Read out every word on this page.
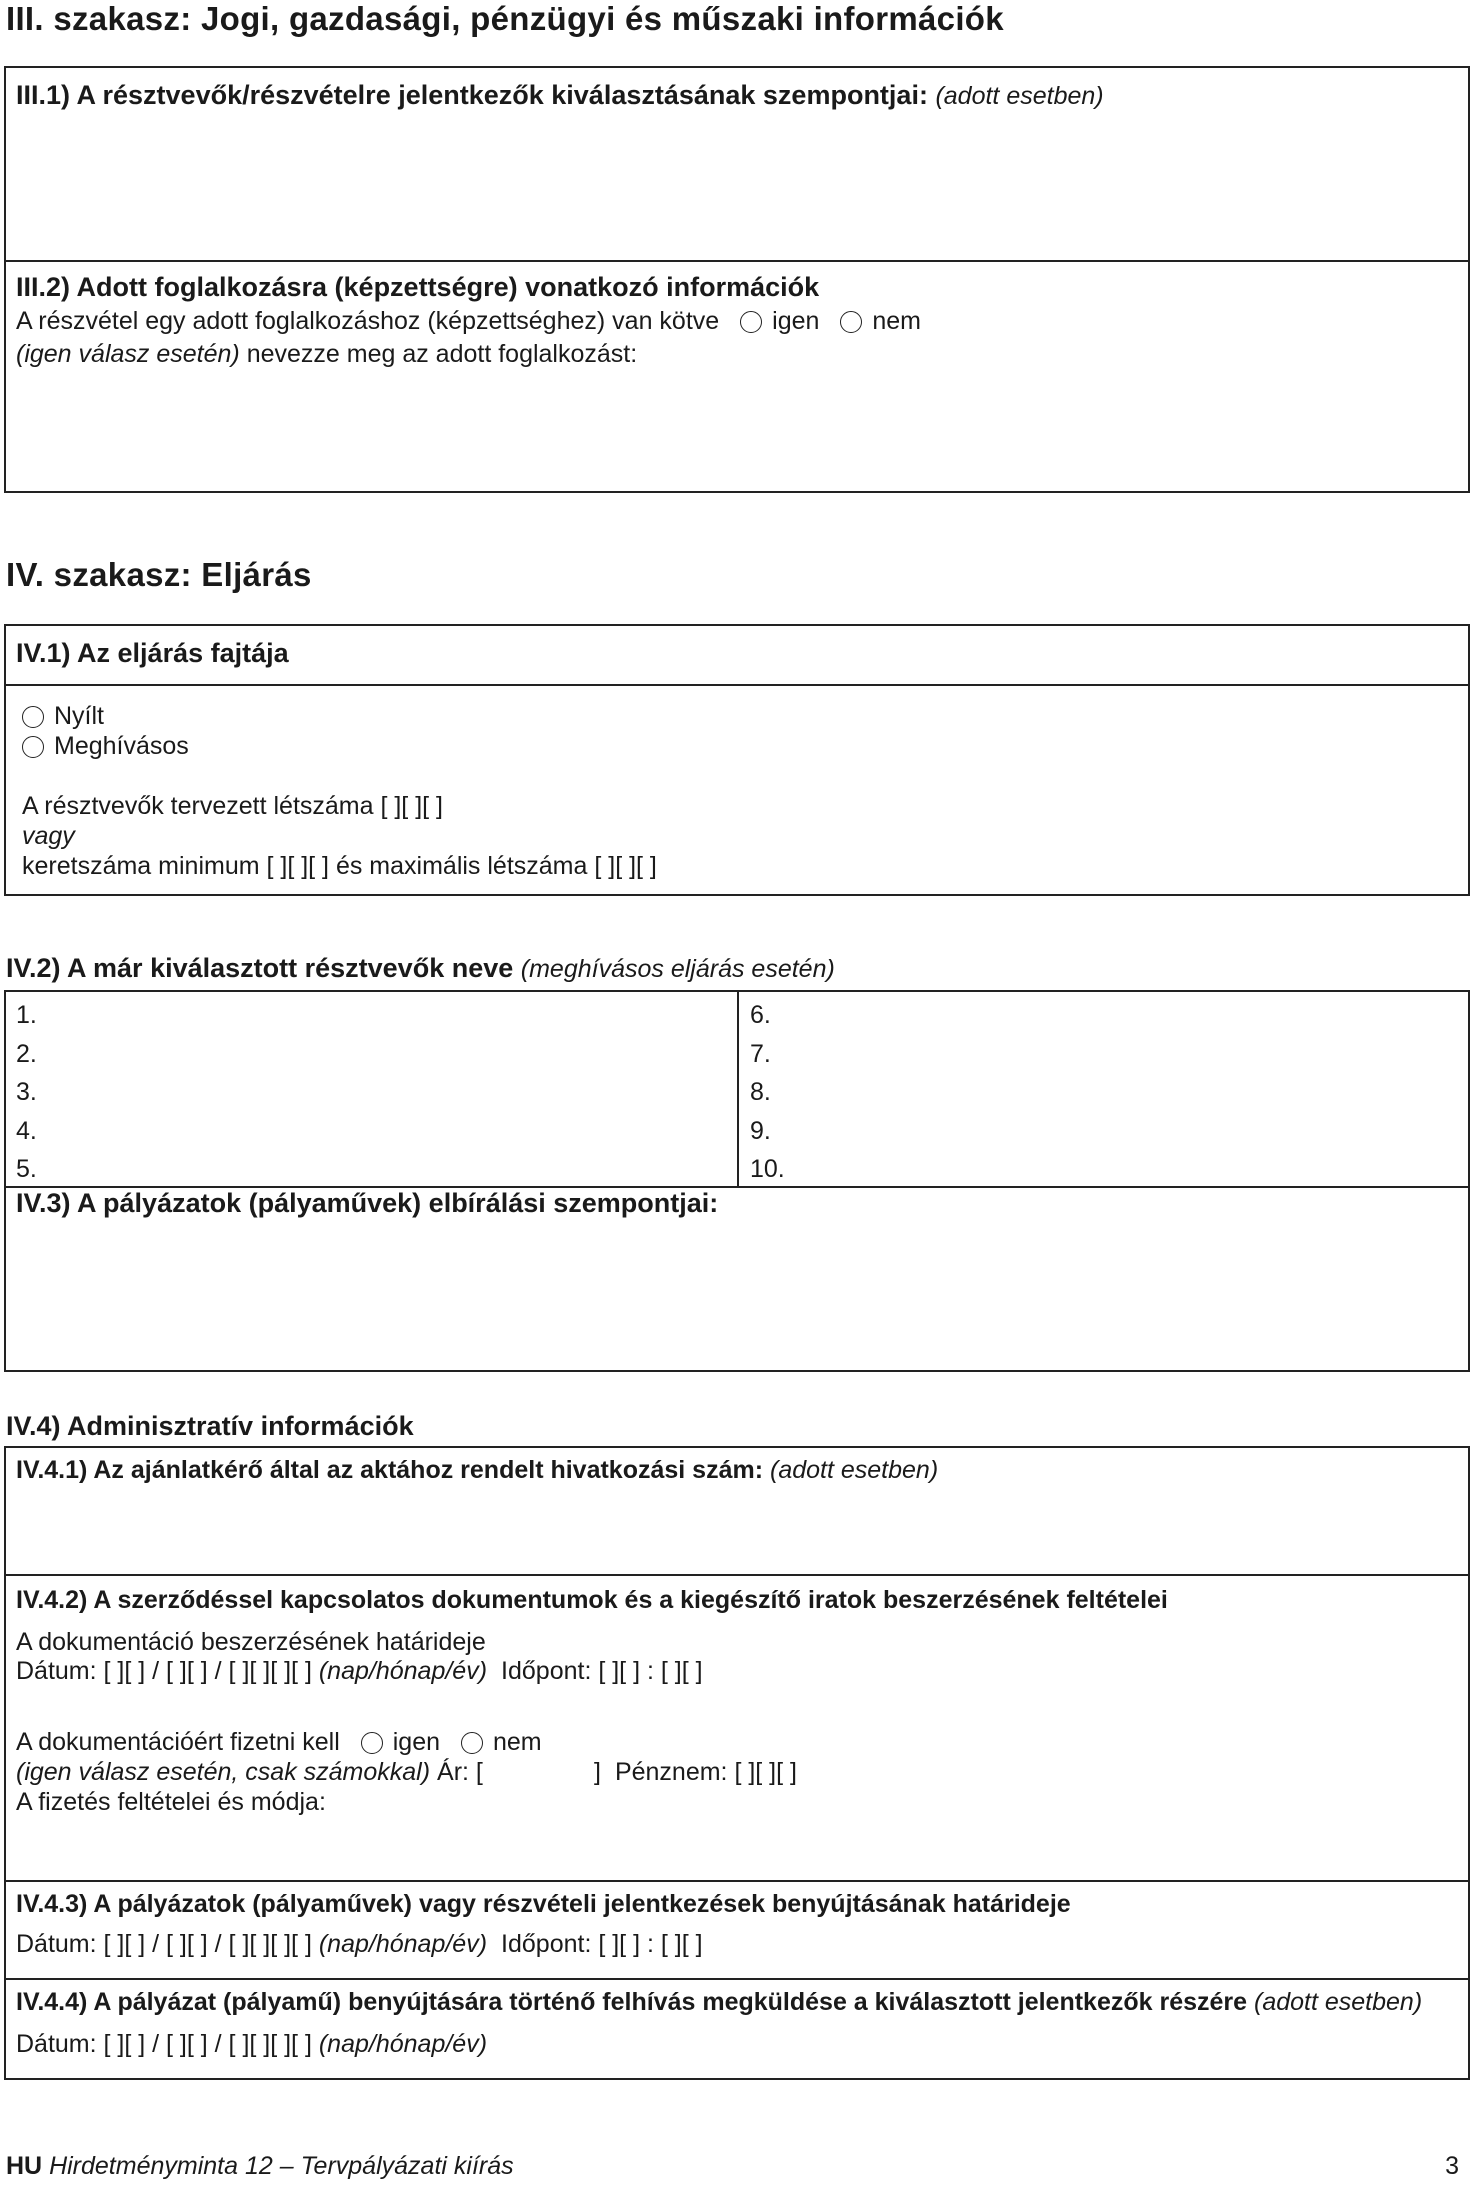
III. szakasz: Jogi, gazdasági, pénzügyi és műszaki információk
III.1) A résztvevők/részvételre jelentkezők kiválasztásának szempontjai: (adott esetben)
III.2) Adott foglalkozásra (képzettségre) vonatkozó információk
A részvétel egy adott foglalkozáshoz (képzettséghez) van kötve igen nem
(igen válasz esetén) nevezze meg az adott foglalkozást:
IV. szakasz: Eljárás
IV.1) Az eljárás fajtája
Nyílt
Meghívásos
A résztvevők tervezett létszáma [ ][ ][ ]
vagy
keretszáma minimum [ ][ ][ ] és maximális létszáma [ ][ ][ ]
IV.2) A már kiválasztott résztvevők neve (meghívásos eljárás esetén)
1.
2.
3.
4.
5.
6.
7.
8.
9.
10.
IV.3) A pályázatok (pályaművek) elbírálási szempontjai:
IV.4) Adminisztratív információk
IV.4.1) Az ajánlatkérő által az aktához rendelt hivatkozási szám: (adott esetben)
IV.4.2) A szerződéssel kapcsolatos dokumentumok és a kiegészítő iratok beszerzésének feltételei
A dokumentáció beszerzésének határideje
Dátum: [ ][ ] / [ ][ ] / [ ][ ][ ][ ] (nap/hónap/év) Időpont: [ ][ ] : [ ][ ]
A dokumentációért fizetni kell igen nem
(igen válasz esetén, csak számokkal) Ár: [                ] Pénznem: [ ][ ][ ]
A fizetés feltételei és módja:
IV.4.3) A pályázatok (pályaművek) vagy részvételi jelentkezések benyújtásának határideje
Dátum: [ ][ ] / [ ][ ] / [ ][ ][ ][ ] (nap/hónap/év) Időpont: [ ][ ] : [ ][ ]
IV.4.4) A pályázat (pályamű) benyújtására történő felhívás megküldése a kiválasztott jelentkezők részére (adott esetben)
Dátum: [ ][ ] / [ ][ ] / [ ][ ][ ][ ] (nap/hónap/év)
HU Hirdetményminta 12 – Tervpályázati kiírás	3
